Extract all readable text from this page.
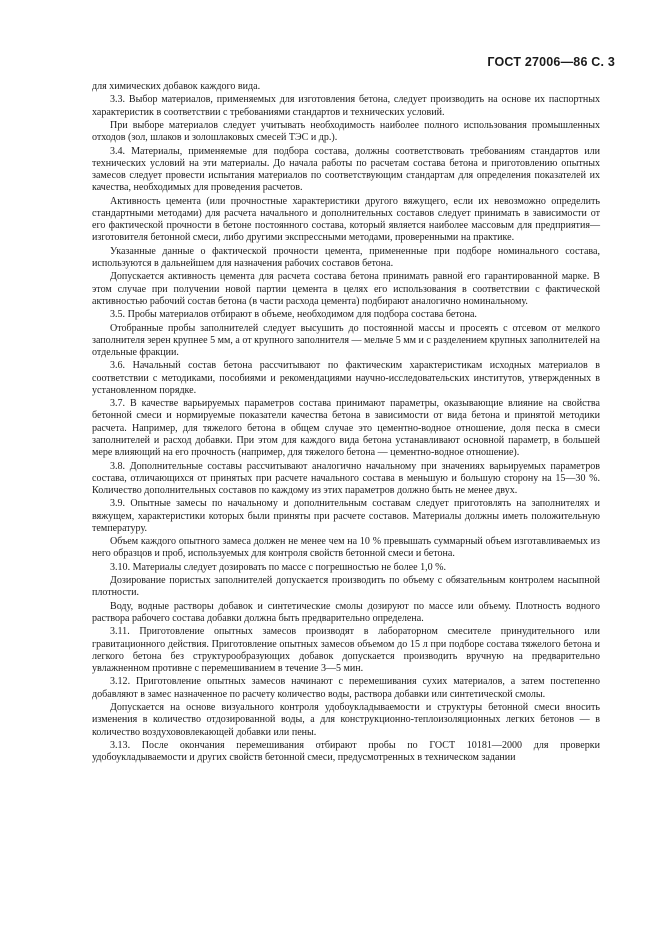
ГОСТ 27006—86 С. 3

для химических добавок каждого вида.

3.3. Выбор материалов, применяемых для изготовления бетона, следует производить на основе их паспортных характеристик в соответствии с требованиями стандартов и технических условий.

При выборе материалов следует учитывать необходимость наиболее полного использования промышленных отходов (зол, шлаков и золошлаковых смесей ТЭС и др.).

3.4. Материалы, применяемые для подбора состава, должны соответствовать требованиям стандартов или технических условий на эти материалы. До начала работы по расчетам состава бетона и приготовлению опытных замесов следует провести испытания материалов по соответствующим стандартам для определения показателей их качества, необходимых для проведения расчетов.

Активность цемента (или прочностные характеристики другого вяжущего, если их невозможно определить стандартными методами) для расчета начального и дополнительных составов следует принимать в зависимости от его фактической прочности в бетоне постоянного состава, который является наиболее массовым для предприятия—изготовителя бетонной смеси, либо другими экспрессными методами, проверенными на практике.

Указанные данные о фактической прочности цемента, примененные при подборе номинального состава, используются в дальнейшем для назначения рабочих составов бетона.

Допускается активность цемента для расчета состава бетона принимать равной его гарантированной марке. В этом случае при получении новой партии цемента в целях его использования в соответствии с фактической активностью рабочий состав бетона (в части расхода цемента) подбирают аналогично номинальному.

3.5. Пробы материалов отбирают в объеме, необходимом для подбора состава бетона.

Отобранные пробы заполнителей следует высушить до постоянной массы и просеять с отсевом от мелкого заполнителя зерен крупнее 5 мм, а от крупного заполнителя — мельче 5 мм и с разделением крупных заполнителей на отдельные фракции.

3.6. Начальный состав бетона рассчитывают по фактическим характеристикам исходных материалов в соответствии с методиками, пособиями и рекомендациями научно-исследовательских институтов, утвержденных в установленном порядке.

3.7. В качестве варьируемых параметров состава принимают параметры, оказывающие влияние на свойства бетонной смеси и нормируемые показатели качества бетона в зависимости от вида бетона и принятой методики расчета. Например, для тяжелого бетона в общем случае это цементно-водное отношение, доля песка в смеси заполнителей и расход добавки. При этом для каждого вида бетона устанавливают основной параметр, в большей мере влияющий на его прочность (например, для тяжелого бетона — цементно-водное отношение).

3.8. Дополнительные составы рассчитывают аналогично начальному при значениях варьируемых параметров состава, отличающихся от принятых при расчете начального состава в меньшую и большую сторону на 15—30 %. Количество дополнительных составов по каждому из этих параметров должно быть не менее двух.

3.9. Опытные замесы по начальному и дополнительным составам следует приготовлять на заполнителях и вяжущем, характеристики которых были приняты при расчете составов. Материалы должны иметь положительную температуру.

Объем каждого опытного замеса должен не менее чем на 10 % превышать суммарный объем изготавливаемых из него образцов и проб, используемых для контроля свойств бетонной смеси и бетона.

3.10. Материалы следует дозировать по массе с погрешностью не более 1,0 %.

Дозирование пористых заполнителей допускается производить по объему с обязательным контролем насыпной плотности.

Воду, водные растворы добавок и синтетические смолы дозируют по массе или объему. Плотность водного раствора рабочего состава добавки должна быть предварительно определена.

3.11. Приготовление опытных замесов производят в лабораторном смесителе принудительного или гравитационного действия. Приготовление опытных замесов объемом до 15 л при подборе состава тяжелого бетона и легкого бетона без структурообразующих добавок допускается производить вручную на предварительно увлажненном противне с перемешиванием в течение 3—5 мин.

3.12. Приготовление опытных замесов начинают с перемешивания сухих материалов, а затем постепенно добавляют в замес назначенное по расчету количество воды, раствора добавки или синтетической смолы.

Допускается на основе визуального контроля удобоукладываемости и структуры бетонной смеси вносить изменения в количество отдозированной воды, а для конструкционно-теплоизоляционных легких бетонов — в количество воздухововлекающей добавки или пены.

3.13. После окончания перемешивания отбирают пробы по ГОСТ 10181—2000 для проверки удобоукладываемости и других свойств бетонной смеси, предусмотренных в техническом задании
